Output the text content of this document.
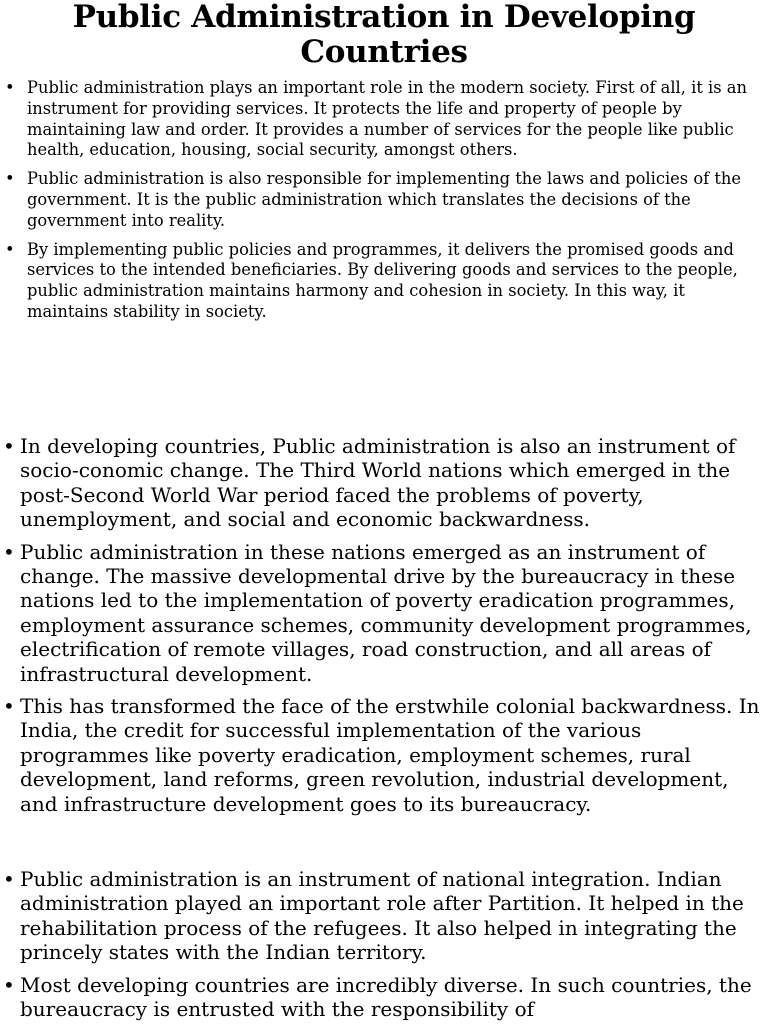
Public Administration in Developing Countries
• Public administration plays an important role in the modern society. First of all, it is an instrument for providing services. It protects the life and property of people by maintaining law and order. It provides a number of services for the people like public health, education, housing, social security, amongst others.
• Public administration is also responsible for implementing the laws and policies of the government. It is the public administration which translates the decisions of the government into reality.
• By implementing public policies and programmes, it delivers the promised goods and services to the intended beneficiaries. By delivering goods and services to the people, public administration maintains harmony and cohesion in society. In this way, it maintains stability in society.
• In developing countries, Public administration is also an instrument of socio-conomic change. The Third World nations which emerged in the post-Second World War period faced the problems of poverty, unemployment, and social and economic backwardness.
• Public administration in these nations emerged as an instrument of change. The massive developmental drive by the bureaucracy in these nations led to the implementation of poverty eradication programmes, employment assurance schemes, community development programmes, electrification of remote villages, road construction, and all areas of infrastructural development.
• This has transformed the face of the erstwhile colonial backwardness. In India, the credit for successful implementation of the various programmes like poverty eradication, employment schemes, rural development, land reforms, green revolution, industrial development, and infrastructure development goes to its bureaucracy.
• Public administration is an instrument of national integration. Indian administration played an important role after Partition. It helped in the rehabilitation process of the refugees. It also helped in integrating the princely states with the Indian territory.
• Most developing countries are incredibly diverse. In such countries, the bureaucracy is entrusted with the responsibility of
